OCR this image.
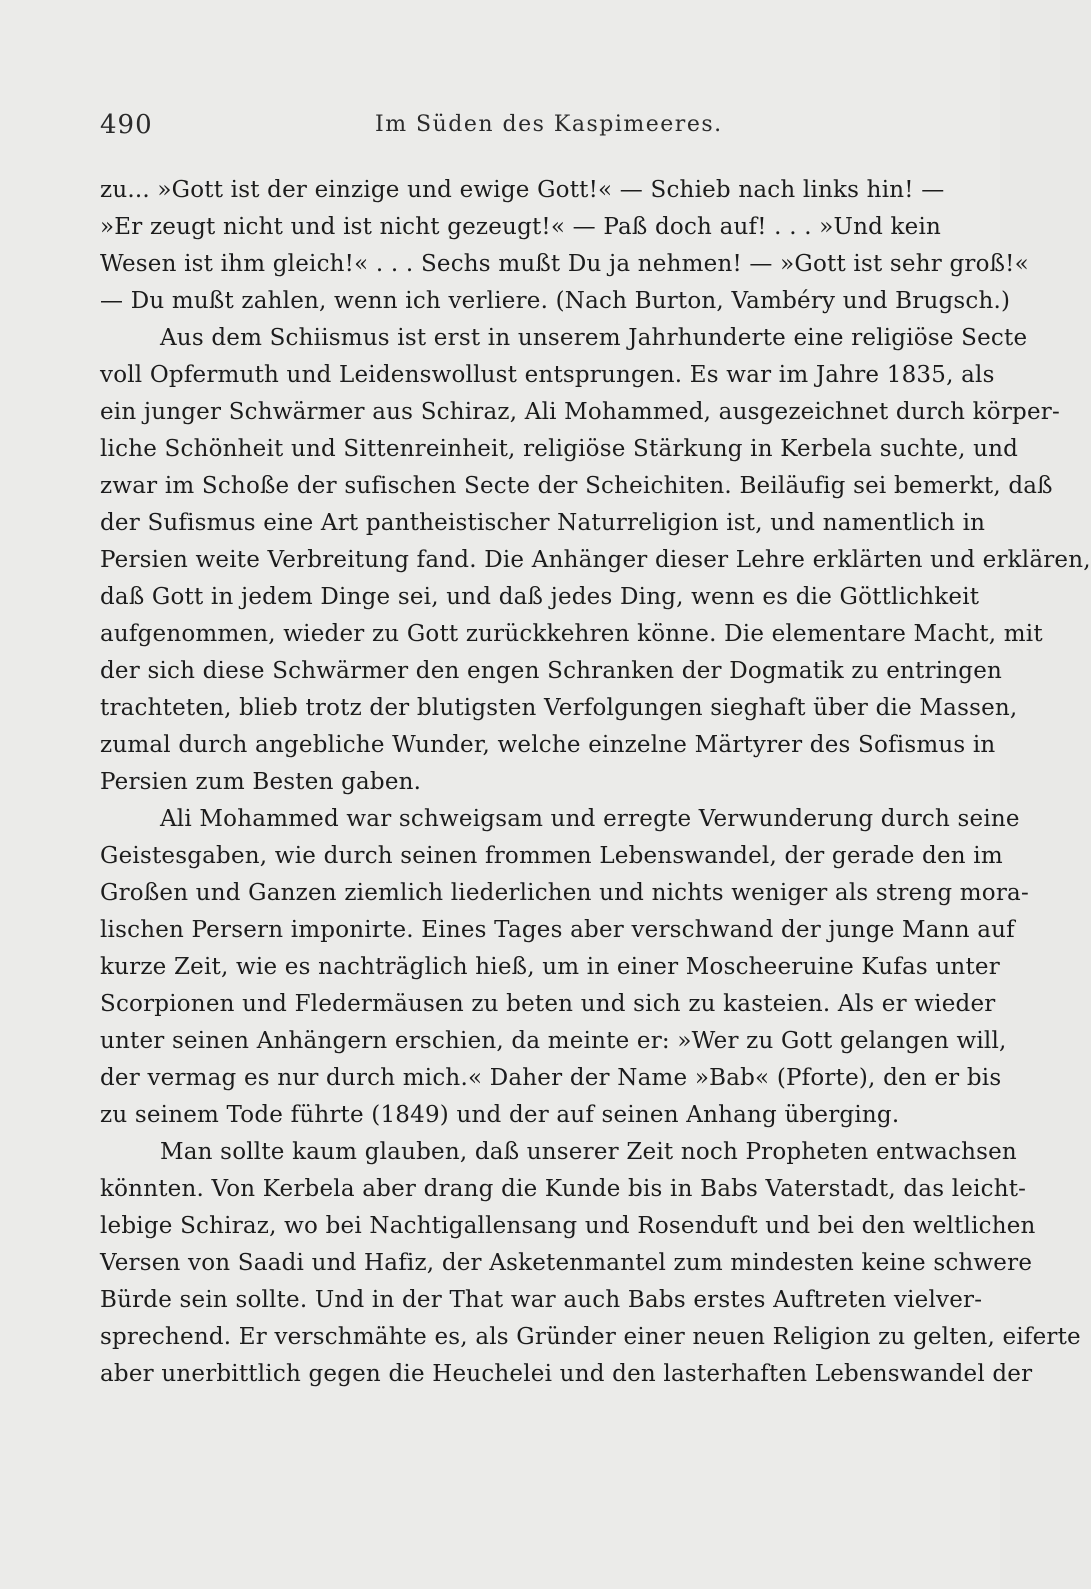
490	Im Süden des Kaspimeeres.
zu... »Gott ist der einzige und ewige Gott!« — Schieb nach links hin! —
»Er zeugt nicht und ist nicht gezeugt!« — Paß doch auf! . . . »Und kein
Wesen ist ihm gleich!« . . . Sechs mußt Du ja nehmen! — »Gott ist sehr groß!«
— Du mußt zahlen, wenn ich verliere. (Nach Burton, Vambéry und Brugsch.)
Aus dem Schiismus ist erst in unserem Jahrhunderte eine religiöse Secte
voll Opfermuth und Leidenswollust entsprungen. Es war im Jahre 1835, als
ein junger Schwärmer aus Schiraz, Ali Mohammed, ausgezeichnet durch körper-
liche Schönheit und Sittenreinheit, religiöse Stärkung in Kerbela suchte, und
zwar im Schoße der sufischen Secte der Scheichiten. Beiläufig sei bemerkt, daß
der Sufismus eine Art pantheistischer Naturreligion ist, und namentlich in
Persien weite Verbreitung fand. Die Anhänger dieser Lehre erklärten und erklären,
daß Gott in jedem Dinge sei, und daß jedes Ding, wenn es die Göttlichkeit
aufgenommen, wieder zu Gott zurückkehren könne. Die elementare Macht, mit
der sich diese Schwärmer den engen Schranken der Dogmatik zu entringen
trachteten, blieb trotz der blutigsten Verfolgungen sieghaft über die Massen,
zumal durch angebliche Wunder, welche einzelne Märtyrer des Sofismus in
Persien zum Besten gaben.
Ali Mohammed war schweigsam und erregte Verwunderung durch seine
Geistesgaben, wie durch seinen frommen Lebenswandel, der gerade den im
Großen und Ganzen ziemlich liederlichen und nichts weniger als streng mora-
lischen Persern imponirte. Eines Tages aber verschwand der junge Mann auf
kurze Zeit, wie es nachträglich hieß, um in einer Moscheeruine Kufas unter
Scorpionen und Fledermäusen zu beten und sich zu kasteien. Als er wieder
unter seinen Anhängern erschien, da meinte er: »Wer zu Gott gelangen will,
der vermag es nur durch mich.« Daher der Name »Bab« (Pforte), den er bis
zu seinem Tode führte (1849) und der auf seinen Anhang überging.
Man sollte kaum glauben, daß unserer Zeit noch Propheten entwachsen
könnten. Von Kerbela aber drang die Kunde bis in Babs Vaterstadt, das leicht-
lebige Schiraz, wo bei Nachtigallensang und Rosenduft und bei den weltlichen
Versen von Saadi und Hafiz, der Asketenmantel zum mindesten keine schwere
Bürde sein sollte. Und in der That war auch Babs erstes Auftreten vielver-
sprechend. Er verschmähte es, als Gründer einer neuen Religion zu gelten, eiferte
aber unerbittlich gegen die Heuchelei und den lasterhaften Lebenswandel der
